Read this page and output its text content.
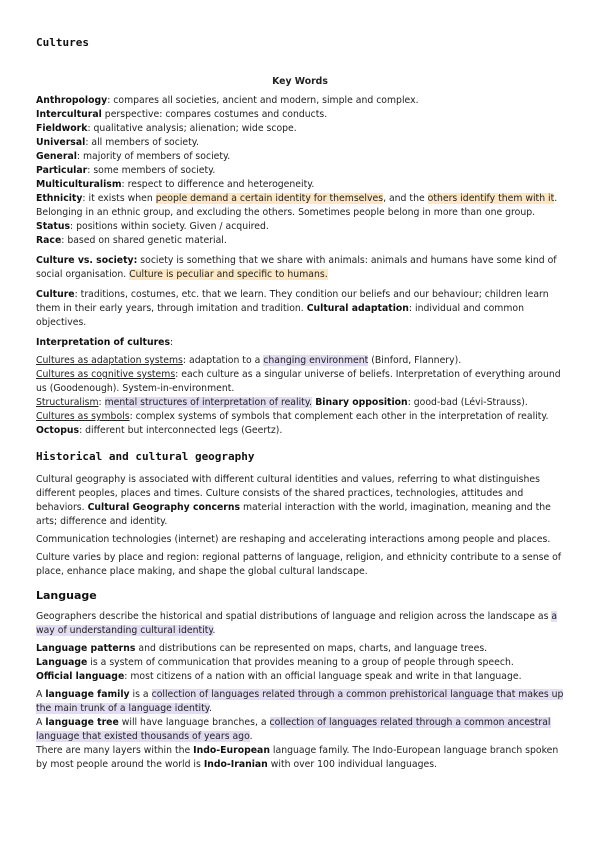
Cultures
Key Words

Anthropology: compares all societies, ancient and modern, simple and complex.

Intercultural perspective: compares costumes and conducts.

Fieldwork: qualitative analysis; alienation; wide scope.

Universal: all members of society.

General: majority of members of society.

Particular: some members of society.

Multiculturalism: respect to difference and heterogeneity.

Ethnicity: it exists when people demand a certain identity for themselves, and the others identify them with it. Belonging in an ethnic group, and excluding the others. Sometimes people belong in more than one group.

Status: positions within society. Given / acquired.

Race: based on shared genetic material.

Culture vs. society: society is something that we share with animals: animals and humans have some kind of social organisation. Culture is peculiar and specific to humans.

Culture: traditions, costumes, etc. that we learn. They condition our beliefs and our behaviour; children learn them in their early years, through imitation and tradition. Cultural adaptation: individual and common objectives.

Interpretation of cultures:

Cultures as adaptation systems: adaptation to a changing environment (Binford, Flannery).

Cultures as cognitive systems: each culture as a singular universe of beliefs. Interpretation of everything around us (Goodenough). System-in-environment.

Structuralism: mental structures of interpretation of reality. Binary opposition: good-bad (Lévi-Strauss).

Cultures as symbols: complex systems of symbols that complement each other in the interpretation of reality.

Octopus: different but interconnected legs (Geertz).

Historical and cultural geography

Cultural geography is associated with different cultural identities and values, referring to what distinguishes different peoples, places and times. Culture consists of the shared practices, technologies, attitudes and behaviors. Cultural Geography concerns material interaction with the world, imagination, meaning and the arts; difference and identity.

Communication technologies (internet) are reshaping and accelerating interactions among people and places.

Culture varies by place and region: regional patterns of language, religion, and ethnicity contribute to a sense of place, enhance place making, and shape the global cultural landscape.

Language

Geographers describe the historical and spatial distributions of language and religion across the landscape as a way of understanding cultural identity.

Language patterns and distributions can be represented on maps, charts, and language trees.

Language is a system of communication that provides meaning to a group of people through speech.

Official language: most citizens of a nation with an official language speak and write in that language.

A language family is a collection of languages related through a common prehistorical language that makes up the main trunk of a language identity.

A language tree will have language branches, a collection of languages related through a common ancestral language that existed thousands of years ago.

There are many layers within the Indo-European language family. The Indo-European language branch spoken by most people around the world is Indo-Iranian with over 100 individual languages.
